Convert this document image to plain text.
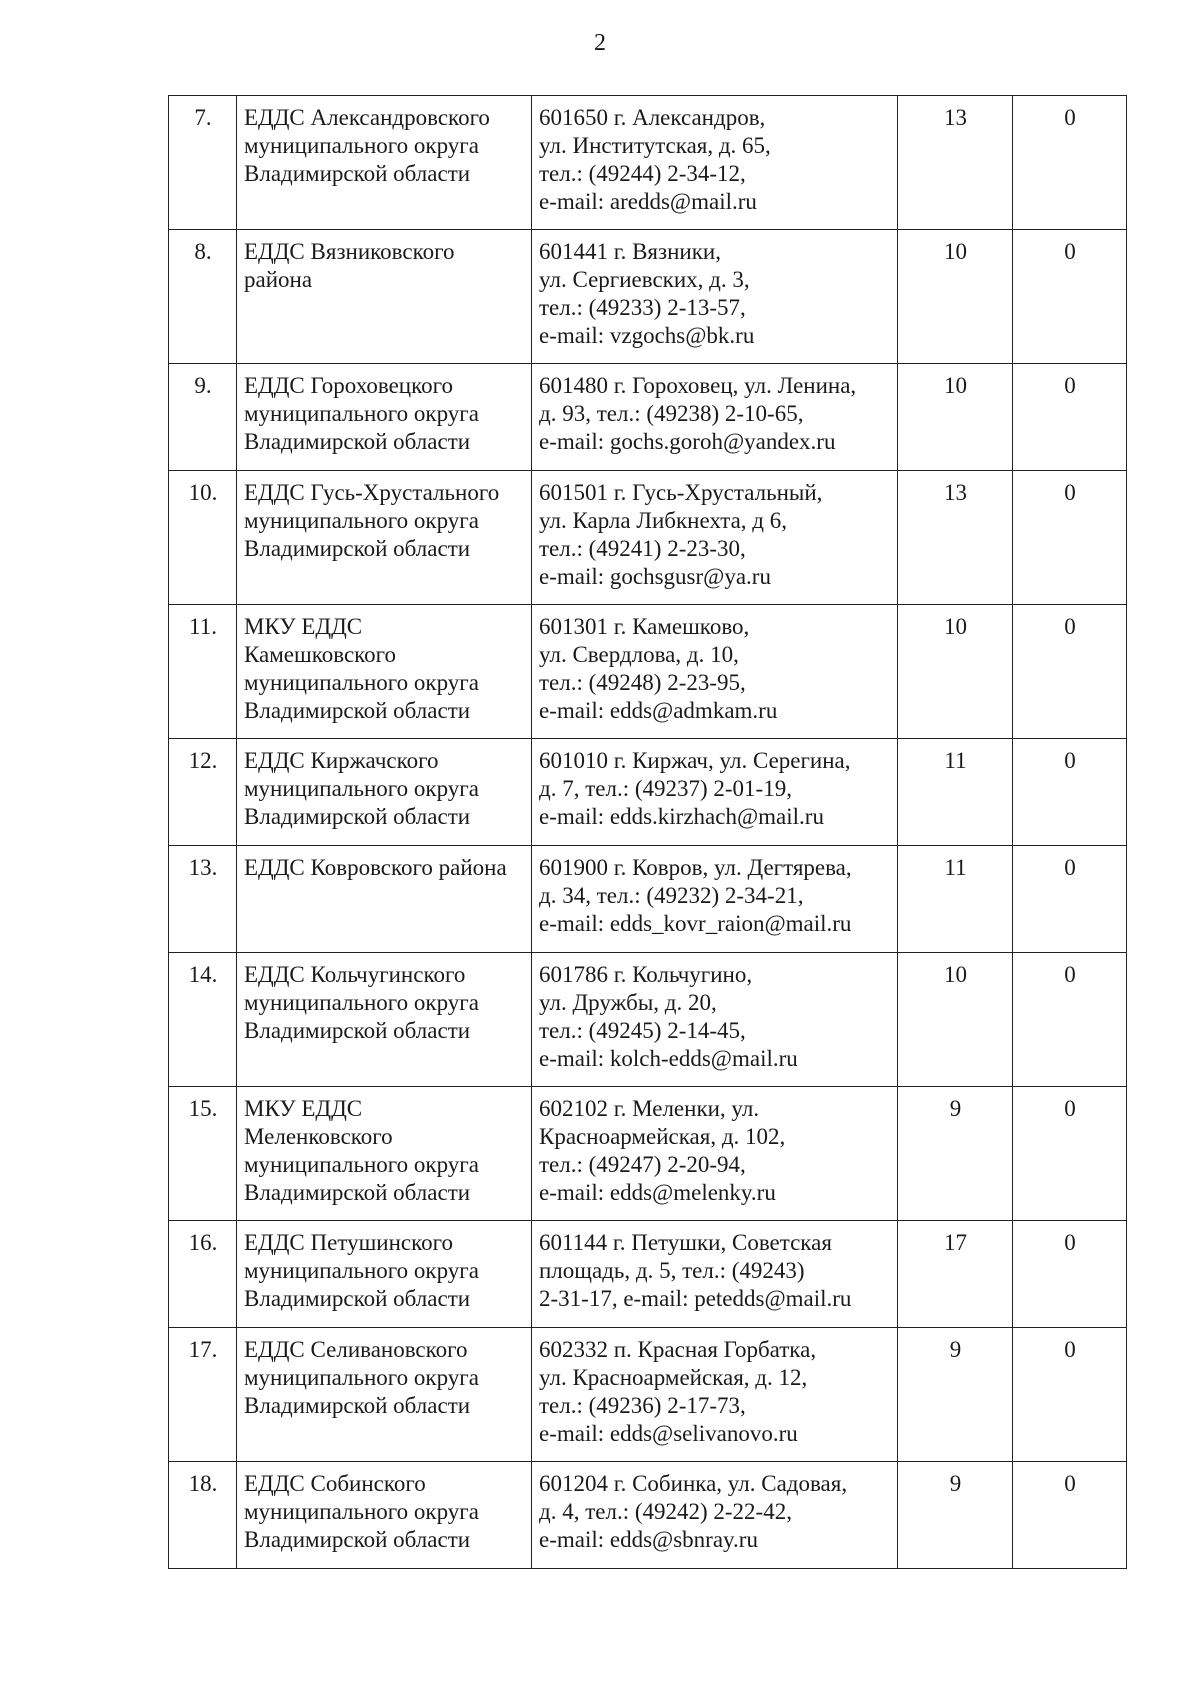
2
7.	ЕДДС Александровского
муниципального округа
Владимирской области	601650 г. Александров,
ул. Институтская, д. 65,
тел.: (49244) 2-34-12,
e-mail: aredds@mail.ru	13	0
8.	ЕДДС Вязниковского
района	601441 г. Вязники,
ул. Сергиевских, д. 3,
тел.: (49233) 2-13-57,
e-mail: vzgochs@bk.ru	10	0
9.	ЕДДС Гороховецкого
муниципального округа
Владимирской области	601480 г. Гороховец, ул. Ленина,
д. 93, тел.: (49238) 2-10-65,
e-mail: gochs.goroh@yandex.ru	10	0
10.	ЕДДС Гусь-Хрустального
муниципального округа
Владимирской области	601501 г. Гусь-Хрустальный,
ул. Карла Либкнехта, д 6,
тел.: (49241) 2-23-30,
e-mail: gochsgusr@ya.ru	13	0
11.	МКУ ЕДДС
Камешковского
муниципального округа
Владимирской области	601301 г. Камешково,
ул. Свердлова, д. 10,
тел.: (49248) 2-23-95,
e-mail: edds@admkam.ru	10	0
12.	ЕДДС Киржачского
муниципального округа
Владимирской области	601010 г. Киржач, ул. Серегина,
д. 7, тел.: (49237) 2-01-19,
e-mail: edds.kirzhach@mail.ru	11	0
13.	ЕДДС Ковровского района	601900 г. Ковров, ул. Дегтярева,
д. 34, тел.: (49232) 2-34-21,
e-mail: edds_kovr_raion@mail.ru	11	0
14.	ЕДДС Кольчугинского
муниципального округа
Владимирской области	601786 г. Кольчугино,
ул. Дружбы, д. 20,
тел.: (49245) 2-14-45,
e-mail: kolch-edds@mail.ru	10	0
15.	МКУ ЕДДС
Меленковского
муниципального округа
Владимирской области	602102 г. Меленки, ул.
Красноармейская, д. 102,
тел.: (49247) 2-20-94,
e-mail: edds@melenky.ru	9	0
16.	ЕДДС Петушинского
муниципального округа
Владимирской области	601144 г. Петушки, Советская
площадь, д. 5, тел.: (49243)
2-31-17, e-mail: petedds@mail.ru	17	0
17.	ЕДДС Селивановского
муниципального округа
Владимирской области	602332 п. Красная Горбатка,
ул. Красноармейская, д. 12,
тел.: (49236) 2-17-73,
e-mail: edds@selivanovo.ru	9	0
18.	ЕДДС Собинского
муниципального округа
Владимирской области	601204 г. Собинка, ул. Садовая,
д. 4, тел.: (49242) 2-22-42,
e-mail: edds@sbnray.ru	9	0
